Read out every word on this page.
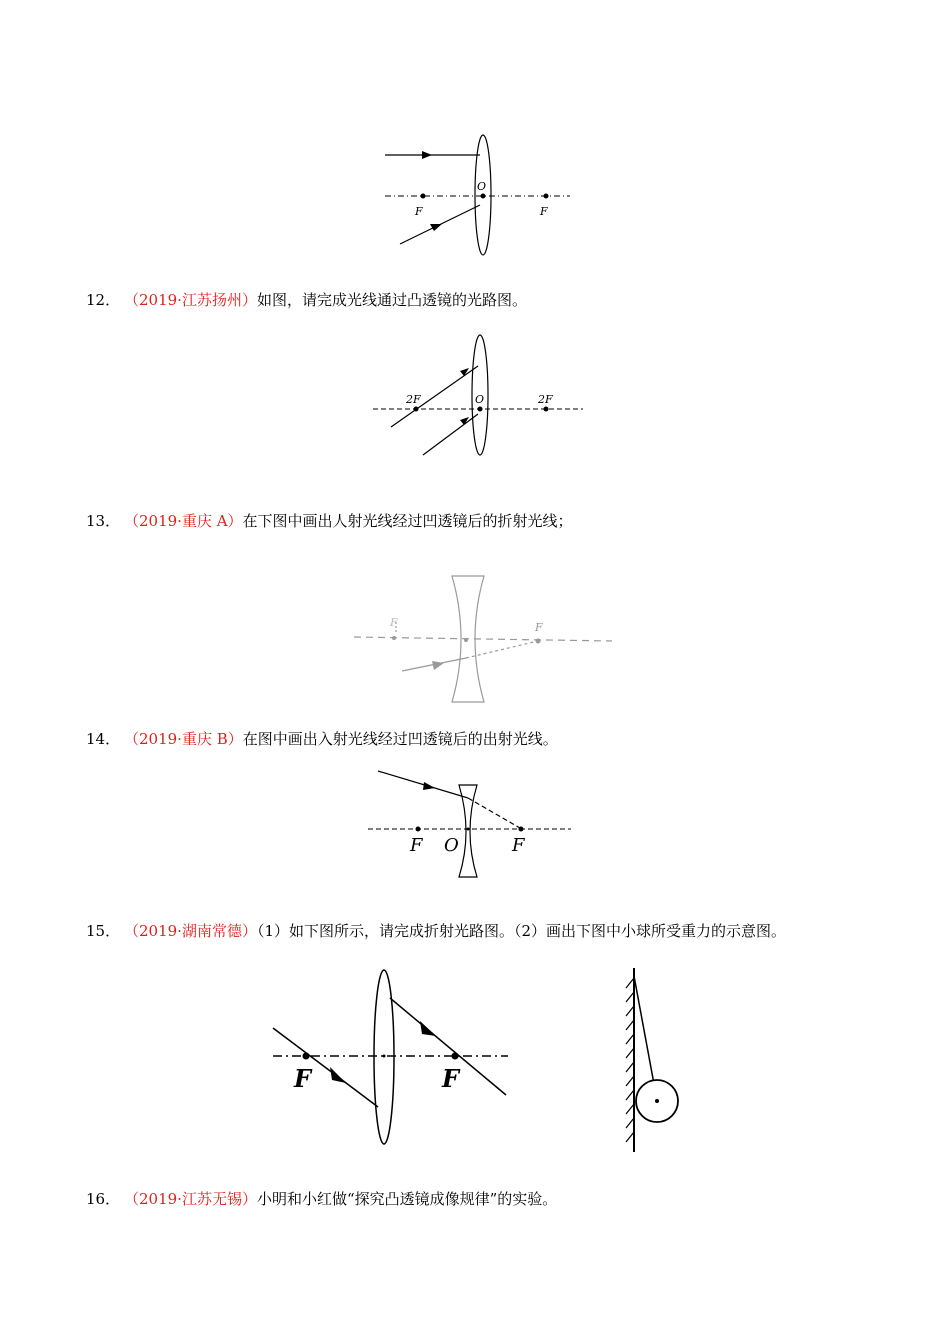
O
F	F
12． （2019·江苏扬州）如图，请完成光线通过凸透镜的光路图。
2F	O	2F
13． （2019·重庆 A）在下图中画出人射光线经过凹透镜后的折射光线；
F	F
14． （2019·重庆 B）在图中画出入射光线经过凹透镜后的出射光线。
F O	F
15． （2019·湖南常德）（1）如下图所示，请完成折射光路图。（2）画出下图中小球所受重力的示意图。
F	F
16． （2019·江苏无锡）小明和小红做“探究凸透镜成像规律”的实验。
